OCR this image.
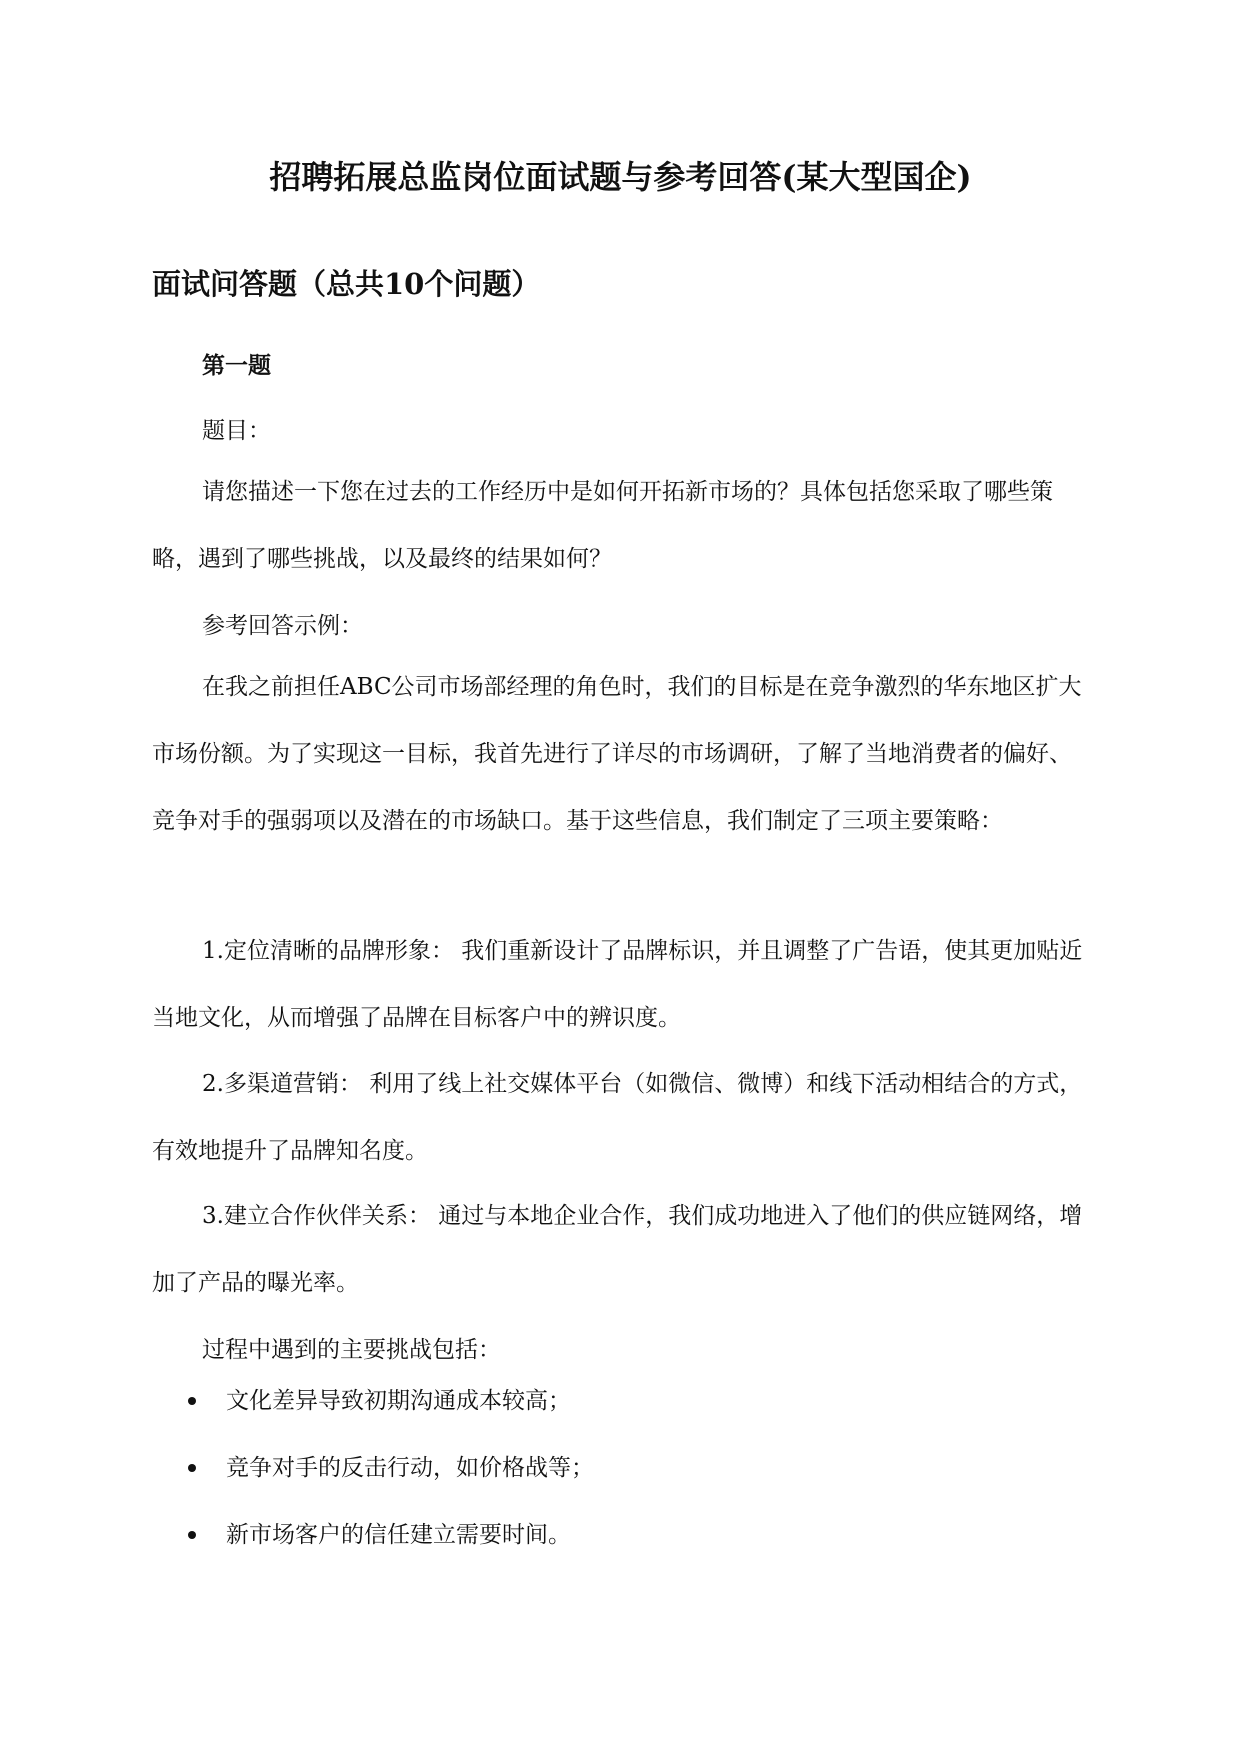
招聘拓展总监岗位面试题与参考回答(某大型国企)
面试问答题（总共10个问题）
第一题

题目：

请您描述一下您在过去的工作经历中是如何开拓新市场的？具体包括您采取了哪些策略，遇到了哪些挑战，以及最终的结果如何？

参考回答示例：

在我之前担任ABC公司市场部经理的角色时，我们的目标是在竞争激烈的华东地区扩大市场份额。为了实现这一目标，我首先进行了详尽的市场调研，了解了当地消费者的偏好、竞争对手的强弱项以及潜在的市场缺口。基于这些信息，我们制定了三项主要策略：

1.定位清晰的品牌形象： 我们重新设计了品牌标识，并且调整了广告语，使其更加贴近当地文化，从而增强了品牌在目标客户中的辨识度。

2.多渠道营销： 利用了线上社交媒体平台（如微信、微博）和线下活动相结合的方式，有效地提升了品牌知名度。

3.建立合作伙伴关系： 通过与本地企业合作，我们成功地进入了他们的供应链网络，增加了产品的曝光率。

过程中遇到的主要挑战包括：

文化差异导致初期沟通成本较高；
竞争对手的反击行动，如价格战等；
新市场客户的信任建立需要时间。
